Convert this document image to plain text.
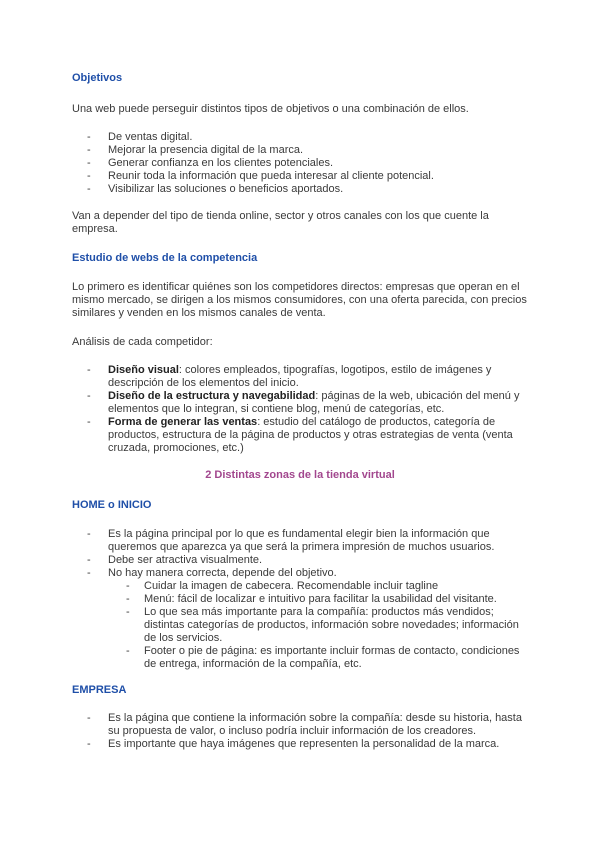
Objetivos

Una web puede perseguir distintos tipos de objetivos o una combinación de ellos.

- De ventas digital.
- Mejorar la presencia digital de la marca.
- Generar confianza en los clientes potenciales.
- Reunir toda la información que pueda interesar al cliente potencial.
- Visibilizar las soluciones o beneficios aportados.

Van a depender del tipo de tienda online, sector y otros canales con los que cuente la empresa.

Estudio de webs de la competencia

Lo primero es identificar quiénes son los competidores directos: empresas que operan en el mismo mercado, se dirigen a los mismos consumidores, con una oferta parecida, con precios similares y venden en los mismos canales de venta.

Análisis de cada competidor:

- Diseño visual: colores empleados, tipografías, logotipos, estilo de imágenes y descripción de los elementos del inicio.
- Diseño de la estructura y navegabilidad: páginas de la web, ubicación del menú y elementos que lo integran, si contiene blog, menú de categorías, etc.
- Forma de generar las ventas: estudio del catálogo de productos, categoría de productos, estructura de la página de productos y otras estrategias de venta (venta cruzada, promociones, etc.)
2 Distintas zonas de la tienda virtual
HOME o INICIO
- Es la página principal por lo que es fundamental elegir bien la información que queremos que aparezca ya que será la primera impresión de muchos usuarios.
- Debe ser atractiva visualmente.
- No hay manera correcta, depende del objetivo.
- Cuidar la imagen de cabecera. Recomendable incluir tagline
- Menú: fácil de localizar e intuitivo para facilitar la usabilidad del visitante.
- Lo que sea más importante para la compañía: productos más vendidos; distintas categorías de productos, información sobre novedades; información de los servicios.
- Footer o pie de página: es importante incluir formas de contacto, condiciones de entrega, información de la compañía, etc.
EMPRESA
- Es la página que contiene la información sobre la compañía: desde su historia, hasta su propuesta de valor, o incluso podría incluir información de los creadores.
- Es importante que haya imágenes que representen la personalidad de la marca.
